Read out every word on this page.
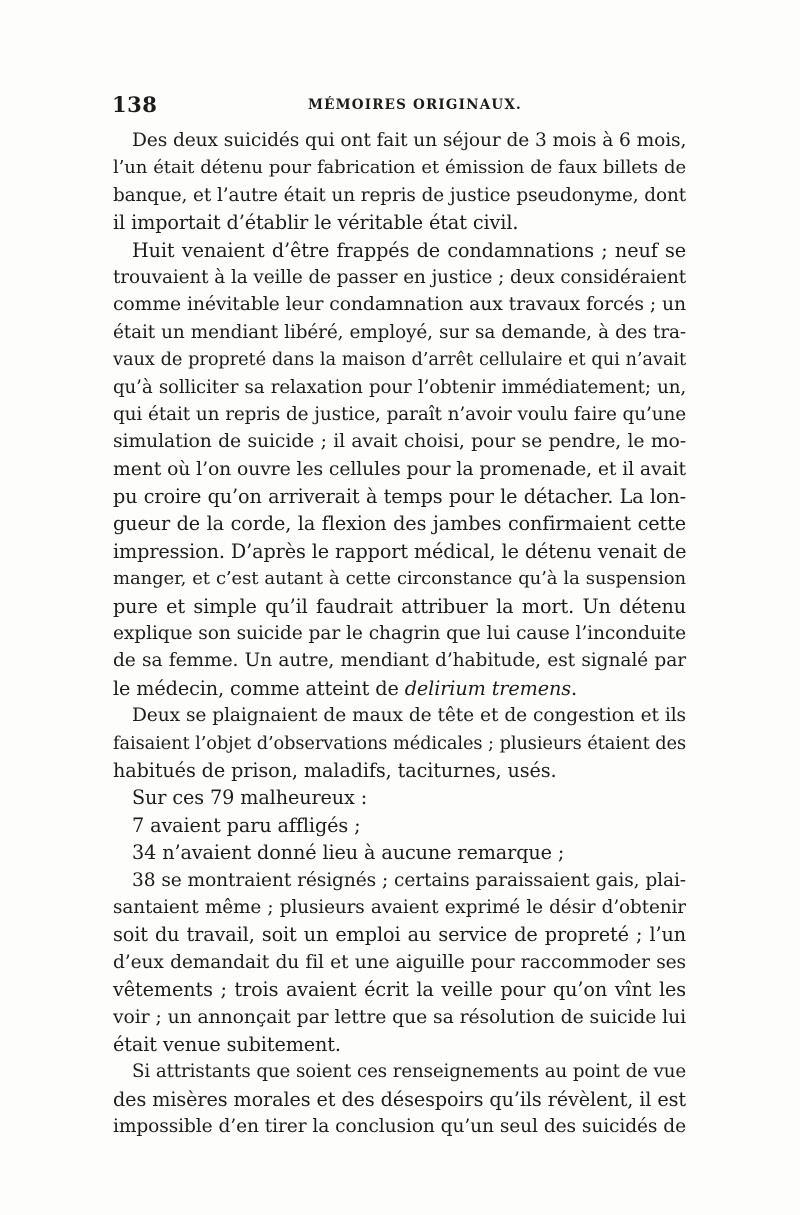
138	MÉMOIRES ORIGINAUX.
Des deux suicidés qui ont fait un séjour de 3 mois à 6 mois,
l’un était détenu pour fabrication et émission de faux billets de
banque, et l’autre était un repris de justice pseudonyme, dont
il importait d’établir le véritable état civil.
Huit venaient d’être frappés de condamnations ; neuf se
trouvaient à la veille de passer en justice ; deux considéraient
comme inévitable leur condamnation aux travaux forcés ; un
était un mendiant libéré, employé, sur sa demande, à des tra-
vaux de propreté dans la maison d’arrêt cellulaire et qui n’avait
qu’à solliciter sa relaxation pour l’obtenir immédiatement; un,
qui était un repris de justice, paraît n’avoir voulu faire qu’une
simulation de suicide ; il avait choisi, pour se pendre, le mo-
ment où l’on ouvre les cellules pour la promenade, et il avait
pu croire qu’on arriverait à temps pour le détacher. La lon-
gueur de la corde, la flexion des jambes confirmaient cette
impression. D’après le rapport médical, le détenu venait de
manger, et c’est autant à cette circonstance qu’à la suspension
pure et simple qu’il faudrait attribuer la mort. Un détenu
explique son suicide par le chagrin que lui cause l’inconduite
de sa femme. Un autre, mendiant d’habitude, est signalé par
le médecin, comme atteint de delirium tremens.
Deux se plaignaient de maux de tête et de congestion et ils
faisaient l’objet d’observations médicales ; plusieurs étaient des
habitués de prison, maladifs, taciturnes, usés.
Sur ces 79 malheureux :
7 avaient paru affligés ;
34 n’avaient donné lieu à aucune remarque ;
38 se montraient résignés ; certains paraissaient gais, plai-
santaient même ; plusieurs avaient exprimé le désir d’obtenir
soit du travail, soit un emploi au service de propreté ; l’un
d’eux demandait du fil et une aiguille pour raccommoder ses
vêtements ; trois avaient écrit la veille pour qu’on vînt les
voir ; un annonçait par lettre que sa résolution de suicide lui
était venue subitement.
Si attristants que soient ces renseignements au point de vue
des misères morales et des désespoirs qu’ils révèlent, il est
impossible d’en tirer la conclusion qu’un seul des suicidés de
